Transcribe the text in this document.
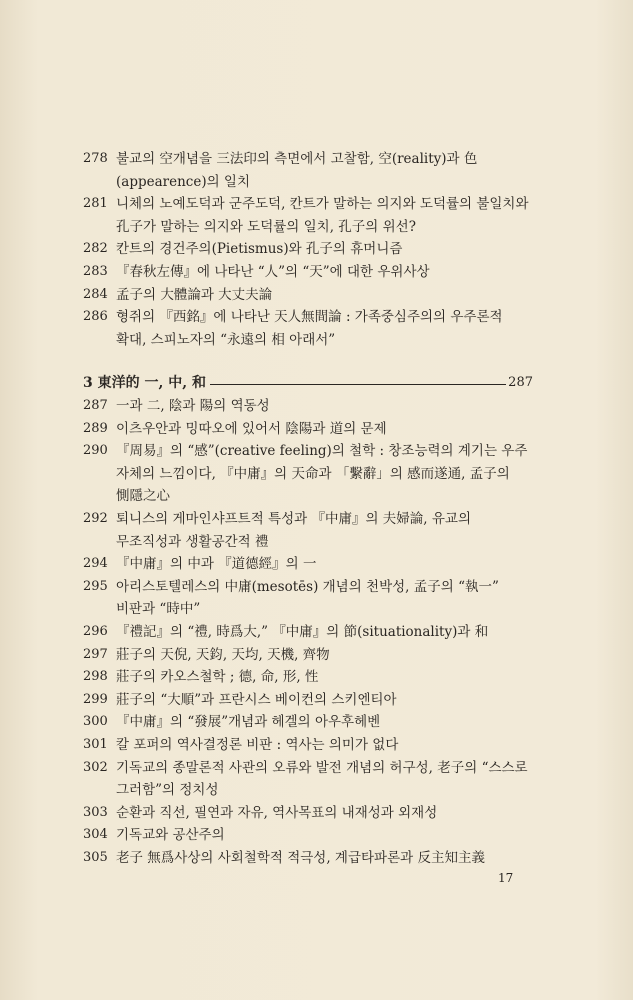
278 불교의 空개념을 三法印의 측면에서 고찰함, 空(reality)과 色(appearence)의 일치
281 니체의 노예도덕과 군주도덕, 칸트가 말하는 의지와 도덕률의 불일치와 孔子가 말하는 의지와 도덕률의 일치, 孔子의 위선?
282 칸트의 경건주의(Pietismus)와 孔子의 휴머니즘
283 『春秋左傳』에 나타난 “人”의 “天”에 대한 우위사상
284 孟子의 大體論과 大丈夫論
286 형쥐의 『西銘』에 나타난 天人無間論 : 가족중심주의의 우주론적 확대, 스피노자의 “永遠의 相 아래서”
3 東洋的 一, 中, 和	287
287 一과 二, 陰과 陽의 역동성
289 이츠우안과 밍따오에 있어서 陰陽과 道의 문제
290 『周易』의 “感”(creative feeling)의 철학 : 창조능력의 계기는 우주 자체의 느낌이다, 『中庸』의 天命과 「繫辭」의 感而遂通, 孟子의 惻隱之心
292 퇴니스의 게마인샤프트적 특성과 『中庸』의 夫婦論, 유교의 무조직성과 생활공간적 禮
294 『中庸』의 中과 『道德經』의 一
295 아리스토텔레스의 中庸(mesotēs) 개념의 천박성, 孟子의 “執一” 비판과 “時中”
296 『禮記』의 “禮, 時爲大,” 『中庸』의 節(situationality)과 和
297 莊子의 天倪, 天鈞, 天均, 天機, 齊物
298 莊子의 카오스철학 ; 德, 命, 形, 性
299 莊子의 “大順”과 프란시스 베이컨의 스키엔티아
300 『中庸』의 “發展”개념과 헤겔의 아우후헤벤
301 칼 포퍼의 역사결정론 비판 : 역사는 의미가 없다
302 기독교의 종말론적 사관의 오류와 발전 개념의 허구성, 老子의 “스스로 그러함”의 정치성
303 순환과 직선, 필연과 자유, 역사목표의 내재성과 외재성
304 기독교와 공산주의
305 老子 無爲사상의 사회철학적 적극성, 계급타파론과 反主知主義
17
